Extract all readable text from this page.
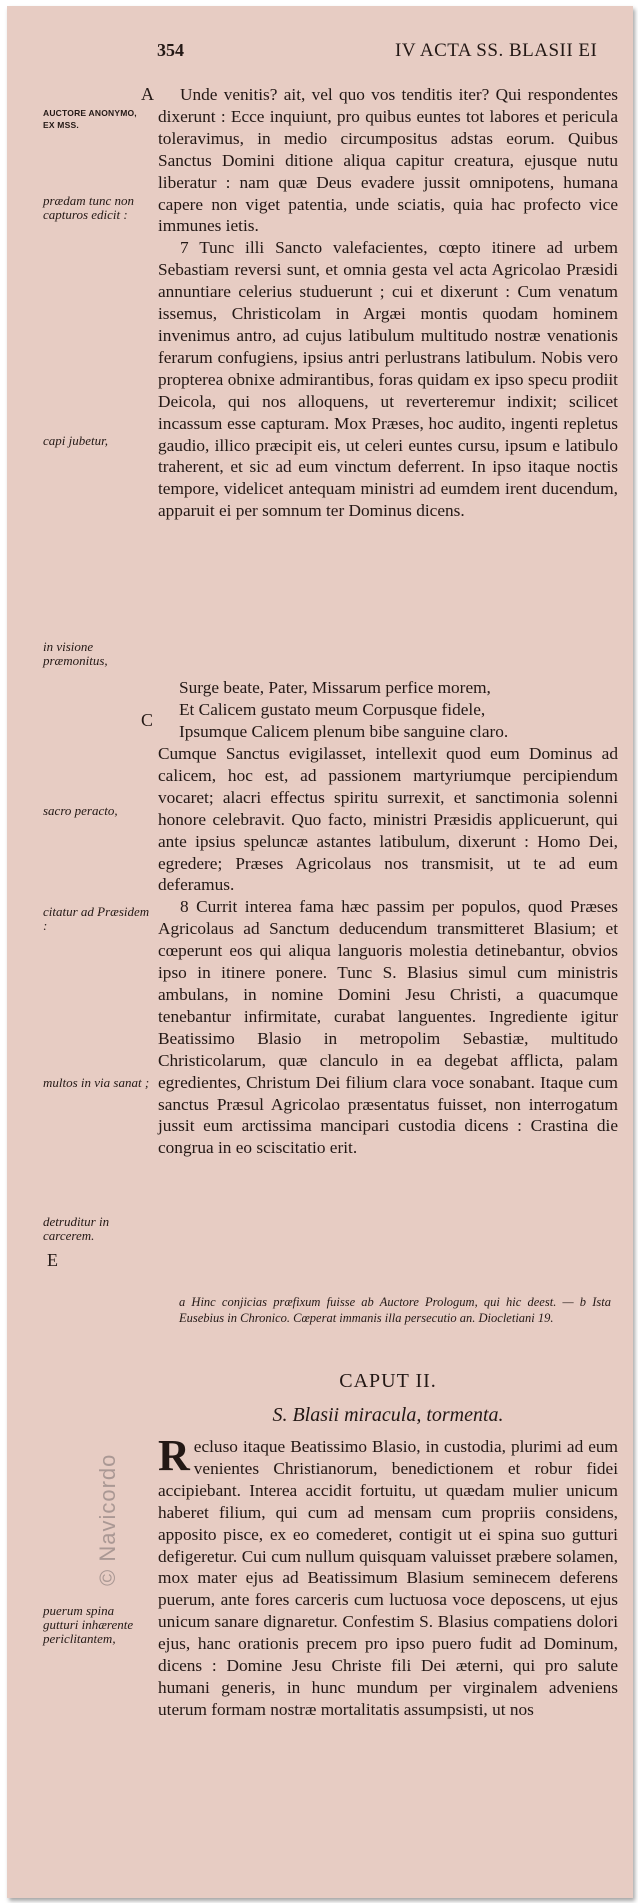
354	IV ACTA SS. BLASII EI
A
C
E
AUCTORE ANONYMO, EX MSS.
prædam tunc non capturos edicit :
capi jubetur,
in visione præmonitus,
sacro peracto,
citatur ad Præsidem :
multos in via sanat ;
detruditur in carcerem.
puerum spina gutturi inhærente periclitantem,

Unde venitis? ait, vel quo vos tenditis iter? Qui respondentes dixerunt : Ecce inquiunt, pro quibus euntes tot labores et pericula toleravimus, in medio circumpositus adstas eorum. Quibus Sanctus Domini ditione aliqua capitur creatura, ejusque nutu liberatur : nam quæ Deus evadere jussit omnipotens, humana capere non viget patentia, unde sciatis, quia hac profecto vice immunes ietis.

7 Tunc illi Sancto valefacientes, cœpto itinere ad urbem Sebastiam reversi sunt, et omnia gesta vel acta Agricolao Præsidi annuntiare celerius studuerunt ; cui et dixerunt : Cum venatum issemus, Christicolam in Argæi montis quodam hominem invenimus antro, ad cujus latibulum multitudo nostræ venationis ferarum confugiens, ipsius antri perlustrans latibulum. Nobis vero propterea obnixe admirantibus, foras quidam ex ipso specu prodiit Deicola, qui nos alloquens, ut reverteremur indixit; scilicet incassum esse capturam. Mox Præses, hoc audito, ingenti repletus gaudio, illico præcipit eis, ut celeri euntes cursu, ipsum e latibulo traherent, et sic ad eum vinctum deferrent. In ipso itaque noctis tempore, videlicet antequam ministri ad eumdem irent ducendum, apparuit ei per somnum ter Dominus dicens.

Surge beate, Pater, Missarum perfice morem,
Et Calicem gustato meum Corpusque fidele,
Ipsumque Calicem plenum bibe sanguine claro.

Cumque Sanctus evigilasset, intellexit quod eum Dominus ad calicem, hoc est, ad passionem martyriumque percipiendum vocaret; alacri effectus spiritu surrexit, et sanctimonia solenni honore celebravit. Quo facto, ministri Præsidis applicuerunt, qui ante ipsius speluncæ astantes latibulum, dixerunt : Homo Dei, egredere; Præses Agricolaus nos transmisit, ut te ad eum deferamus.

8 Currit interea fama hæc passim per populos, quod Præses Agricolaus ad Sanctum deducendum transmitteret Blasium; et cœperunt eos qui aliqua languoris molestia detinebantur, obvios ipso in itinere ponere. Tunc S. Blasius simul cum ministris ambulans, in nomine Domini Jesu Christi, a quacumque tenebantur infirmitate, curabat languentes. Ingrediente igitur Beatissimo Blasio in metropolim Sebastiæ, multitudo Christicolarum, quæ clanculo in ea degebat afflicta, palam egredientes, Christum Dei filium clara voce sonabant. Itaque cum sanctus Præsul Agricolao præsentatus fuisset, non interrogatum jussit eum arctissima mancipari custodia dicens : Crastina die congrua in eo sciscitatio erit.

a Hinc conjicias præfixum fuisse ab Auctore Prologum, qui hic deest. — b Ista Eusebius in Chronico. Cœperat immanis illa persecutio an. Diocletiani 19.
CAPUT II.
S. Blasii miracula, tormenta.

Recluso itaque Beatissimo Blasio, in custodia, plurimi ad eum venientes Christianorum, benedictionem et robur fidei accipiebant. Interea accidit fortuitu, ut quædam mulier unicum haberet filium, qui cum ad mensam cum propriis considens, apposito pisce, ex eo comederet, contigit ut ei spina suo gutturi defigeretur. Cui cum nullum quisquam valuisset præbere solamen, mox mater ejus ad Beatissimum Blasium seminecem deferens puerum, ante fores carceris cum luctuosa voce deposcens, ut ejus unicum sanare dignaretur. Confestim S. Blasius compatiens dolori ejus, hanc orationis precem pro ipso puero fudit ad Dominum, dicens : Domine Jesu Christe fili Dei æterni, qui pro salute humani generis, in hunc mundum per virginalem adveniens uterum formam nostræ mortalitatis assumpsisti, ut nos

© Navicordo
